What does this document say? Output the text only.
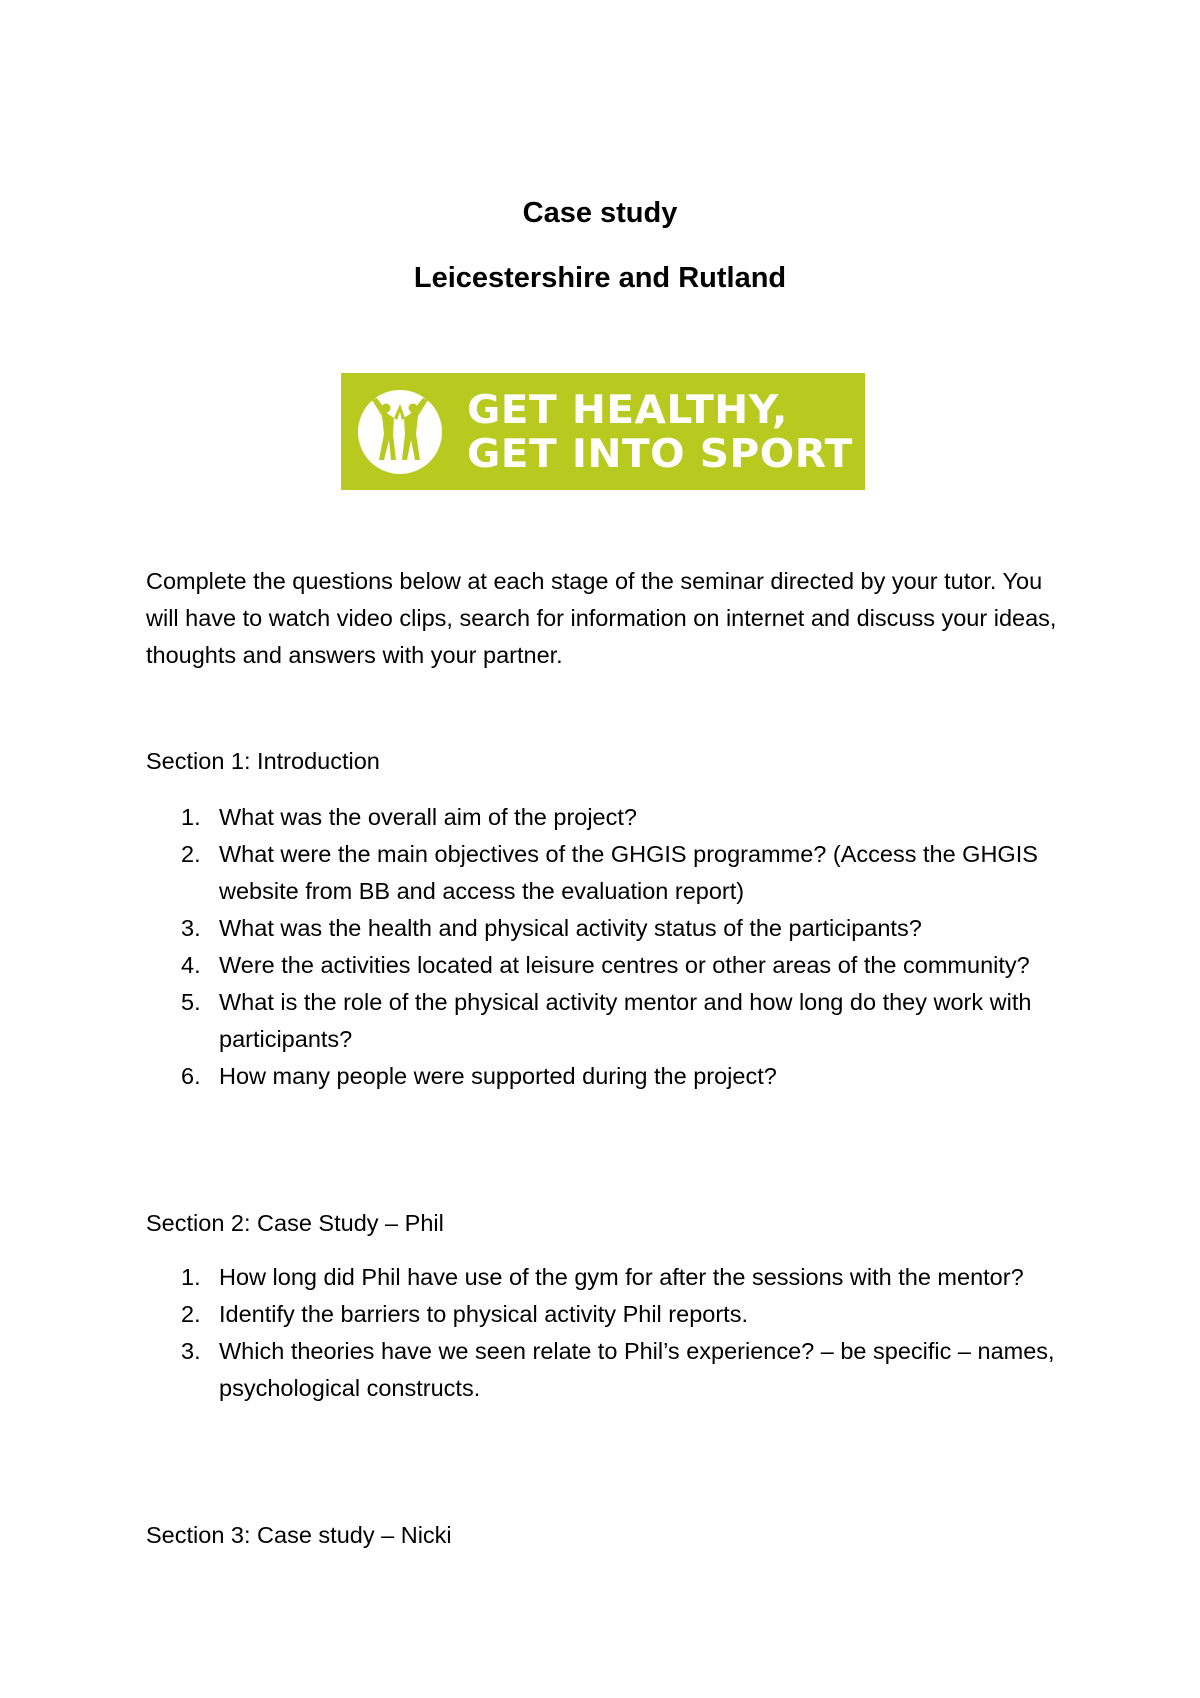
Case study
Leicestershire and Rutland

GET HEALTHY,
GET INTO SPORT

Complete the questions below at each stage of the seminar directed by your tutor. You will have to watch video clips, search for information on internet and discuss your ideas, thoughts and answers with your partner.

Section 1: Introduction

1. What was the overall aim of the project?
2. What were the main objectives of the GHGIS programme? (Access the GHGIS website from BB and access the evaluation report)
3. What was the health and physical activity status of the participants?
4. Were the activities located at leisure centres or other areas of the community?
5. What is the role of the physical activity mentor and how long do they work with participants?
6. How many people were supported during the project?

Section 2: Case Study – Phil

1. How long did Phil have use of the gym for after the sessions with the mentor?
2. Identify the barriers to physical activity Phil reports.
3. Which theories have we seen relate to Phil’s experience? – be specific – names, psychological constructs.

Section 3: Case study – Nicki
